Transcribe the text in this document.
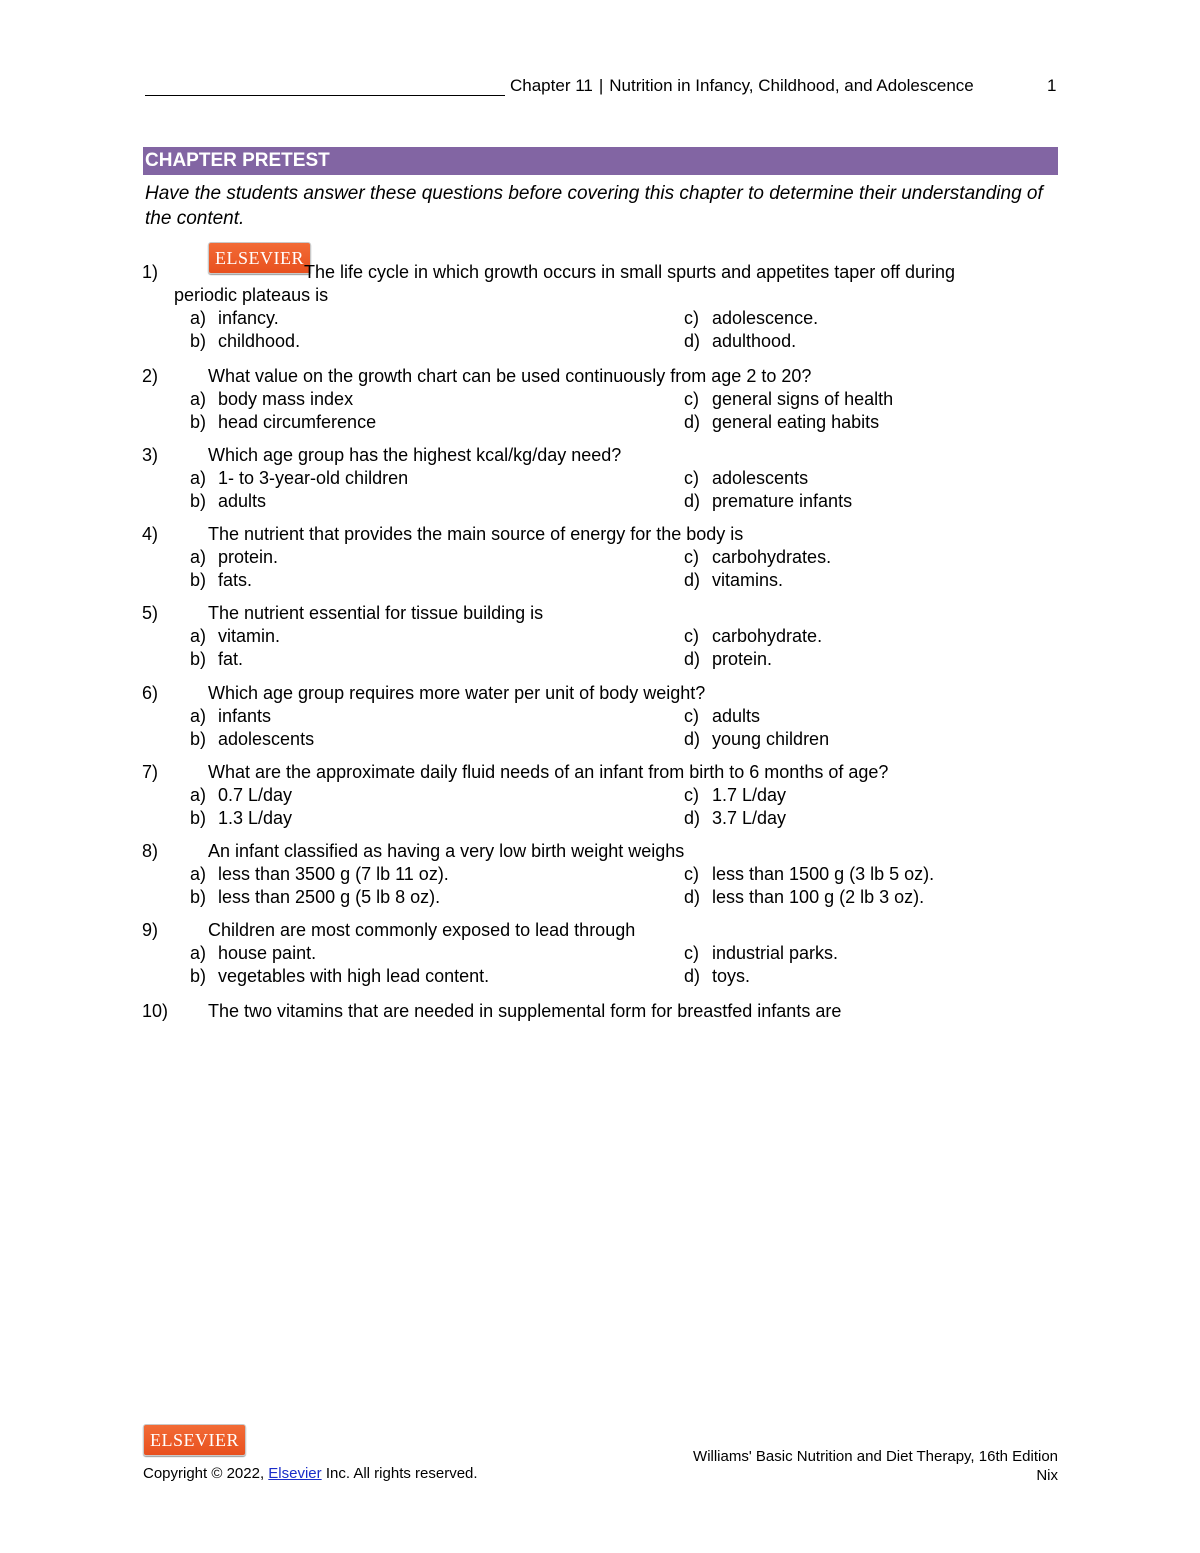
Chapter 11 | Nutrition in Infancy, Childhood, and Adolescence	1
CHAPTER PRETEST
Have the students answer these questions before covering this chapter to determine their understanding of the content.
1)
ELSEVIER
The life cycle in which growth occurs in small spurts and appetites taper off during
periodic plateaus is
a) infancy.	c) adolescence.
b) childhood.	d) adulthood.
2)	What value on the growth chart can be used continuously from age 2 to 20?
a) body mass index	c) general signs of health
b) head circumference	d) general eating habits
3)	Which age group has the highest kcal/kg/day need?
a) 1- to 3-year-old children	c) adolescents
b) adults	d) premature infants
4)	The nutrient that provides the main source of energy for the body is
a) protein.	c) carbohydrates.
b) fats.	d) vitamins.
5)	The nutrient essential for tissue building is
a) vitamin.	c) carbohydrate.
b) fat.	d) protein.
6)	Which age group requires more water per unit of body weight?
a) infants	c) adults
b) adolescents	d) young children
7)	What are the approximate daily fluid needs of an infant from birth to 6 months of age?
a) 0.7 L/day	c) 1.7 L/day
b) 1.3 L/day	d) 3.7 L/day
8)	An infant classified as having a very low birth weight weighs
a) less than 3500 g (7 lb 11 oz).	c) less than 1500 g (3 lb 5 oz).
b) less than 2500 g (5 lb 8 oz).	d) less than 100 g (2 lb 3 oz).
9)	Children are most commonly exposed to lead through
a) house paint.	c) industrial parks.
b) vegetables with high lead content.	d) toys.
10) The two vitamins that are needed in supplemental form for breastfed infants are
ELSEVIER
Copyright © 2022, Elsevier Inc. All rights reserved.
Williams' Basic Nutrition and Diet Therapy, 16th Edition
Nix
